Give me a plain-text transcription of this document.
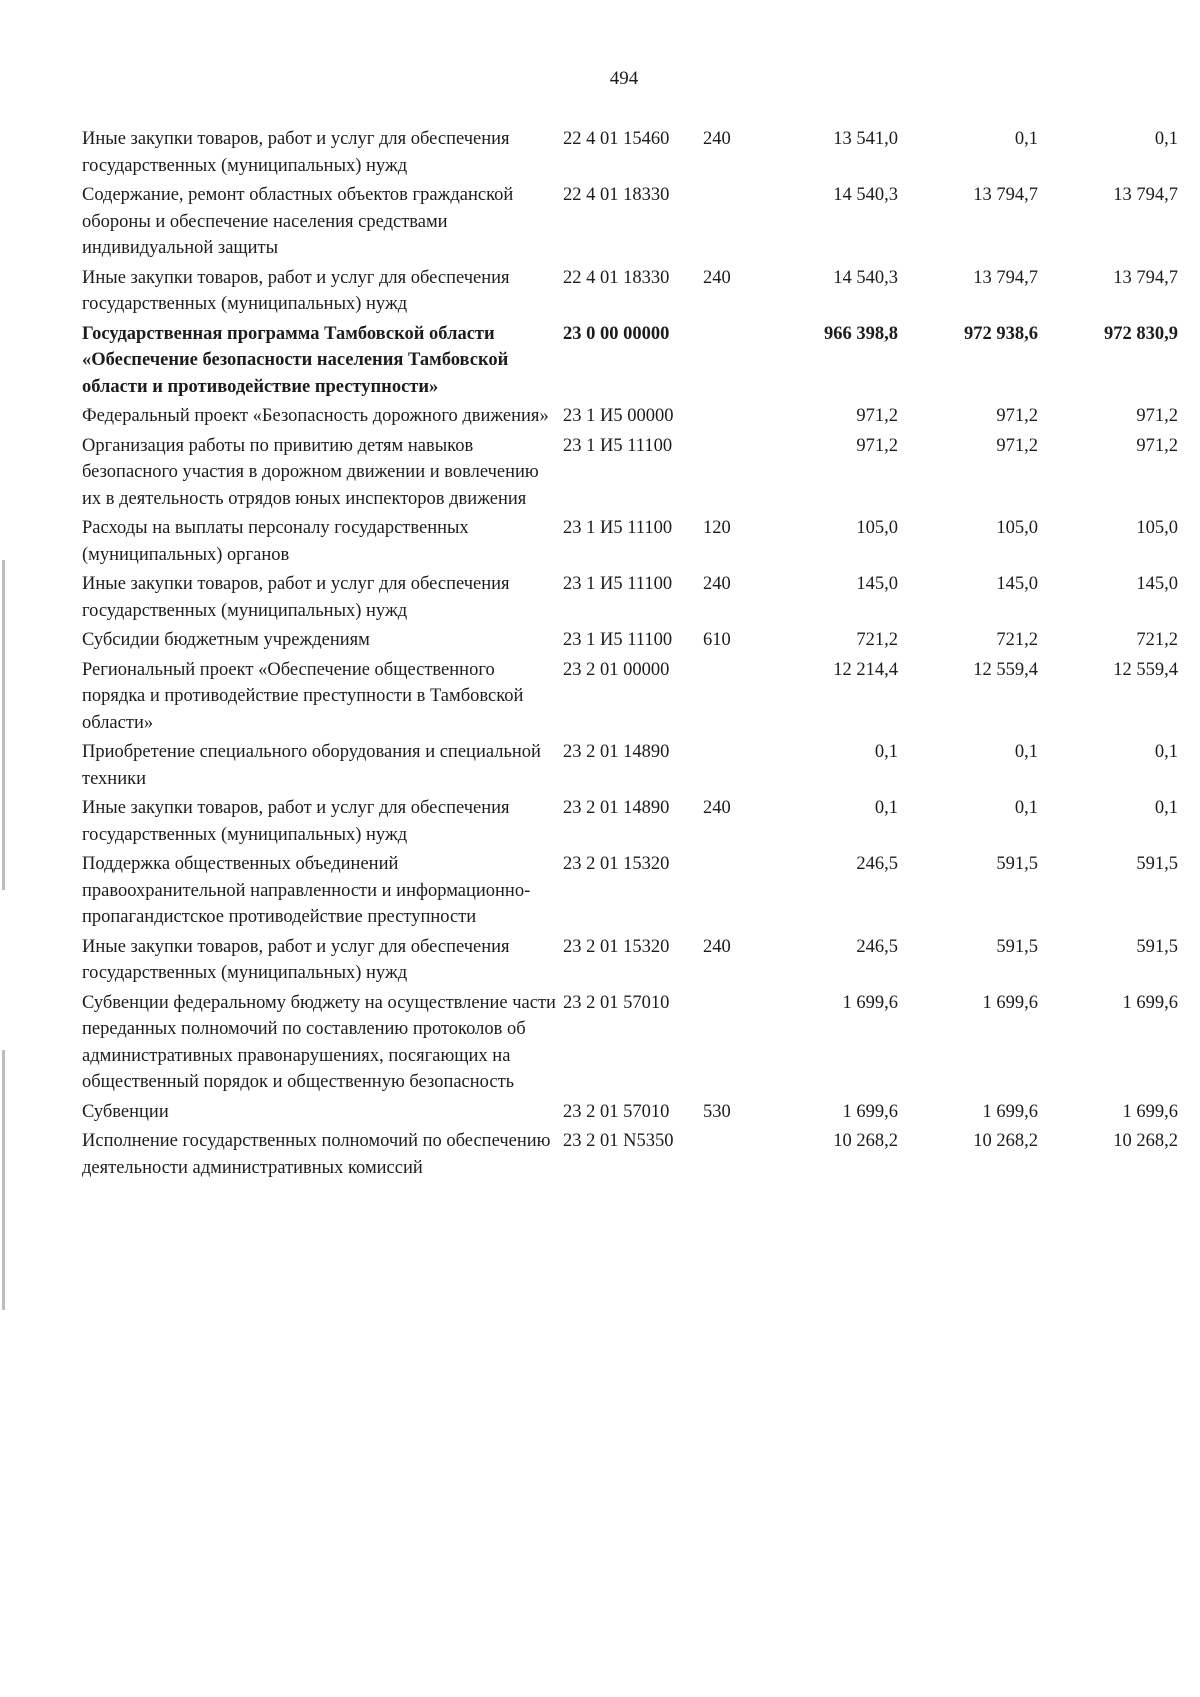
494
Иные закупки товаров, работ и услуг для обеспечения государственных (муниципальных) нужд	22 4 01 15460	240	13 541,0	0,1	0,1
Содержание, ремонт областных объектов гражданской обороны и обеспечение населения средствами индивидуальной защиты	22 4 01 18330		14 540,3	13 794,7	13 794,7
Иные закупки товаров, работ и услуг для обеспечения государственных (муниципальных) нужд	22 4 01 18330	240	14 540,3	13 794,7	13 794,7
Государственная программа Тамбовской области «Обеспечение безопасности населения Тамбовской области и противодействие преступности»	23 0 00 00000		966 398,8	972 938,6	972 830,9
Федеральный проект «Безопасность дорожного движения»	23 1 И5 00000		971,2	971,2	971,2
Организация работы по привитию детям навыков безопасного участия в дорожном движении и вовлечению их в деятельность отрядов юных инспекторов движения	23 1 И5 11100		971,2	971,2	971,2
Расходы на выплаты персоналу государственных (муниципальных) органов	23 1 И5 11100	120	105,0	105,0	105,0
Иные закупки товаров, работ и услуг для обеспечения государственных (муниципальных) нужд	23 1 И5 11100	240	145,0	145,0	145,0
Субсидии бюджетным учреждениям	23 1 И5 11100	610	721,2	721,2	721,2
Региональный проект «Обеспечение общественного порядка и противодействие преступности в Тамбовской области»	23 2 01 00000		12 214,4	12 559,4	12 559,4
Приобретение специального оборудования и специальной техники	23 2 01 14890		0,1	0,1	0,1
Иные закупки товаров, работ и услуг для обеспечения государственных (муниципальных) нужд	23 2 01 14890	240	0,1	0,1	0,1
Поддержка общественных объединений правоохранительной направленности и информационно-пропагандистское противодействие преступности	23 2 01 15320		246,5	591,5	591,5
Иные закупки товаров, работ и услуг для обеспечения государственных (муниципальных) нужд	23 2 01 15320	240	246,5	591,5	591,5
Субвенции федеральному бюджету на осуществление части переданных полномочий по составлению протоколов об административных правонарушениях, посягающих на общественный порядок и общественную безопасность	23 2 01 57010		1 699,6	1 699,6	1 699,6
Субвенции	23 2 01 57010	530	1 699,6	1 699,6	1 699,6
Исполнение государственных полномочий по обеспечению деятельности административных комиссий	23 2 01 N5350		10 268,2	10 268,2	10 268,2
